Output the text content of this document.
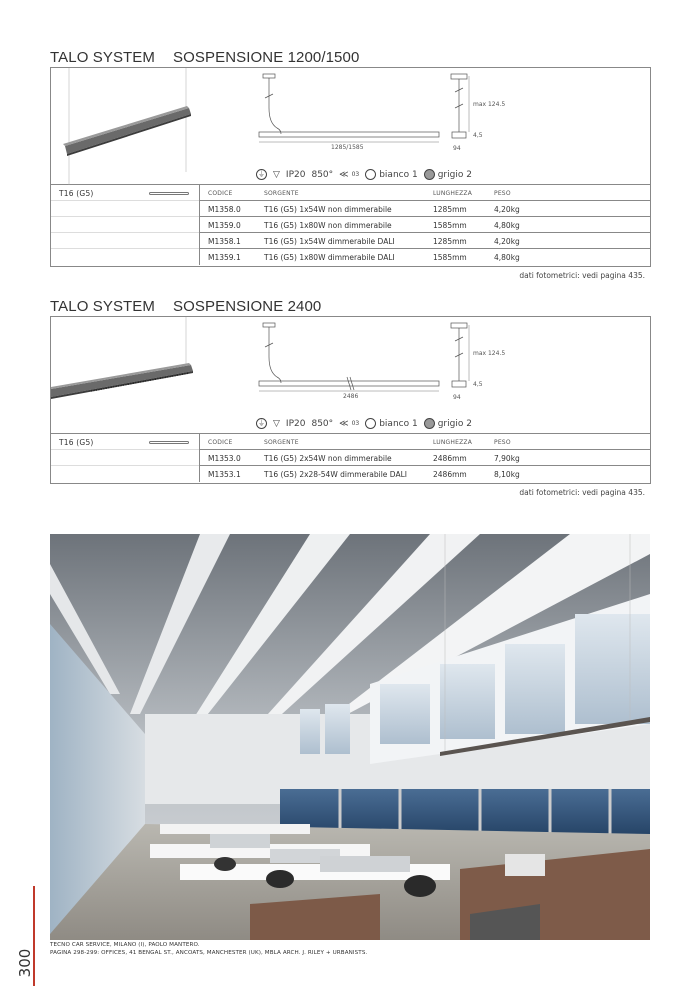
TALO SYSTEM SOSPENSIONE 1200/1500
1285/1585
max 124.5
4,5
94
⏚ ▽ IP20 850° ≪ 03 bianco 1 grigio 2
T16 (G5)	CODICE	SORGENTE	LUNGHEZZA	PESO
M1358.0	T16 (G5) 1x54W non dimmerabile	1285mm	4,20kg
M1359.0	T16 (G5) 1x80W non dimmerabile	1585mm	4,80kg
M1358.1	T16 (G5) 1x54W dimmerabile DALI	1285mm	4,20kg
M1359.1	T16 (G5) 1x80W dimmerabile DALI	1585mm	4,80kg
dati fotometrici: vedi pagina 435.
TALO SYSTEM SOSPENSIONE 2400
2486
max 124.5
4,5
94
⏚ ▽ IP20 850° ≪ 03 bianco 1 grigio 2
T16 (G5)	CODICE	SORGENTE	LUNGHEZZA	PESO
M1353.0	T16 (G5) 2x54W non dimmerabile	2486mm	7,90kg
M1353.1	T16 (G5) 2x28-54W dimmerabile DALI	2486mm	8,10kg
dati fotometrici: vedi pagina 435.
TECNO CAR SERVICE, MILANO (I), PAOLO MANTERO.
PAGINA 298-299: OFFICES, 41 BENGAL ST., ANCOATS, MANCHESTER (UK), MBLA ARCH. J. RILEY + URBANISTS.
300
